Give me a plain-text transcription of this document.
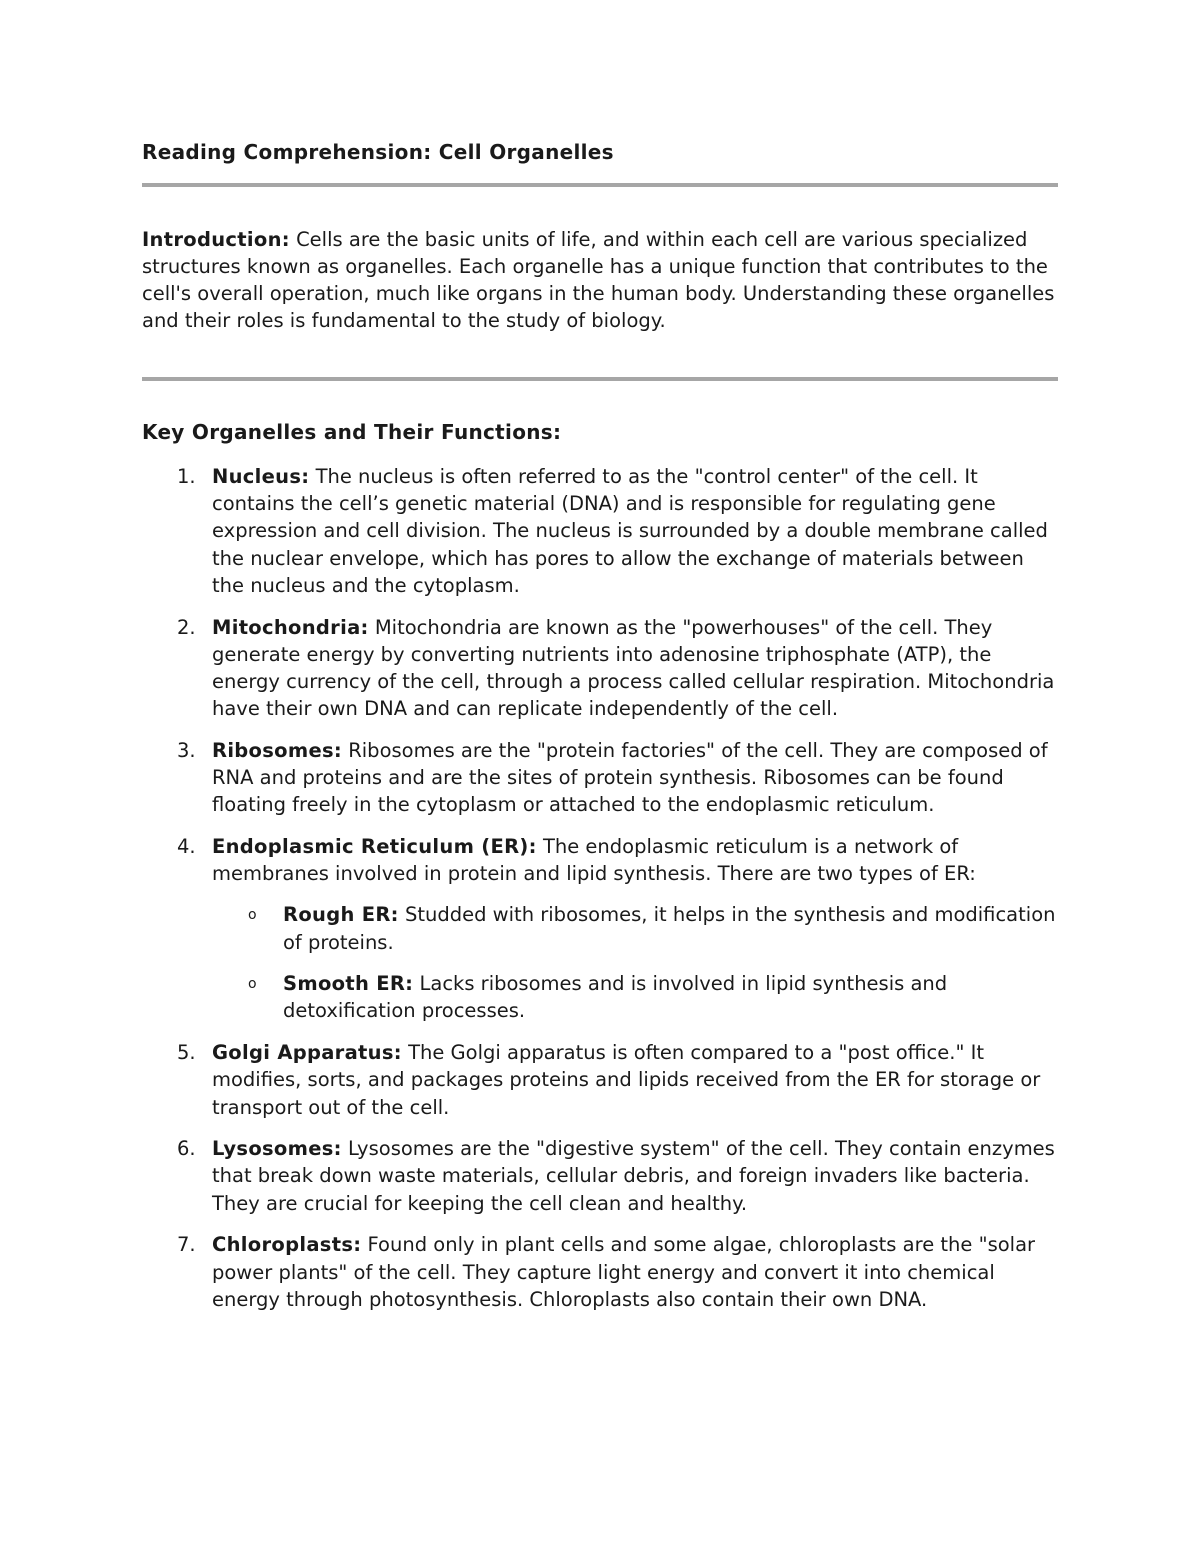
Reading Comprehension: Cell Organelles

Introduction: Cells are the basic units of life, and within each cell are various specialized structures known as organelles. Each organelle has a unique function that contributes to the cell's overall operation, much like organs in the human body. Understanding these organelles and their roles is fundamental to the study of biology.

Key Organelles and Their Functions:
1. Nucleus: The nucleus is often referred to as the "control center" of the cell. It contains the cell’s genetic material (DNA) and is responsible for regulating gene expression and cell division. The nucleus is surrounded by a double membrane called the nuclear envelope, which has pores to allow the exchange of materials between the nucleus and the cytoplasm.
2. Mitochondria: Mitochondria are known as the "powerhouses" of the cell. They generate energy by converting nutrients into adenosine triphosphate (ATP), the energy currency of the cell, through a process called cellular respiration. Mitochondria have their own DNA and can replicate independently of the cell.
3. Ribosomes: Ribosomes are the "protein factories" of the cell. They are composed of RNA and proteins and are the sites of protein synthesis. Ribosomes can be found floating freely in the cytoplasm or attached to the endoplasmic reticulum.
4. Endoplasmic Reticulum (ER): The endoplasmic reticulum is a network of membranes involved in protein and lipid synthesis. There are two types of ER:
o Rough ER: Studded with ribosomes, it helps in the synthesis and modification of proteins.
o Smooth ER: Lacks ribosomes and is involved in lipid synthesis and detoxification processes.
5. Golgi Apparatus: The Golgi apparatus is often compared to a "post office." It modifies, sorts, and packages proteins and lipids received from the ER for storage or transport out of the cell.
6. Lysosomes: Lysosomes are the "digestive system" of the cell. They contain enzymes that break down waste materials, cellular debris, and foreign invaders like bacteria. They are crucial for keeping the cell clean and healthy.
7. Chloroplasts: Found only in plant cells and some algae, chloroplasts are the "solar power plants" of the cell. They capture light energy and convert it into chemical energy through photosynthesis. Chloroplasts also contain their own DNA.
